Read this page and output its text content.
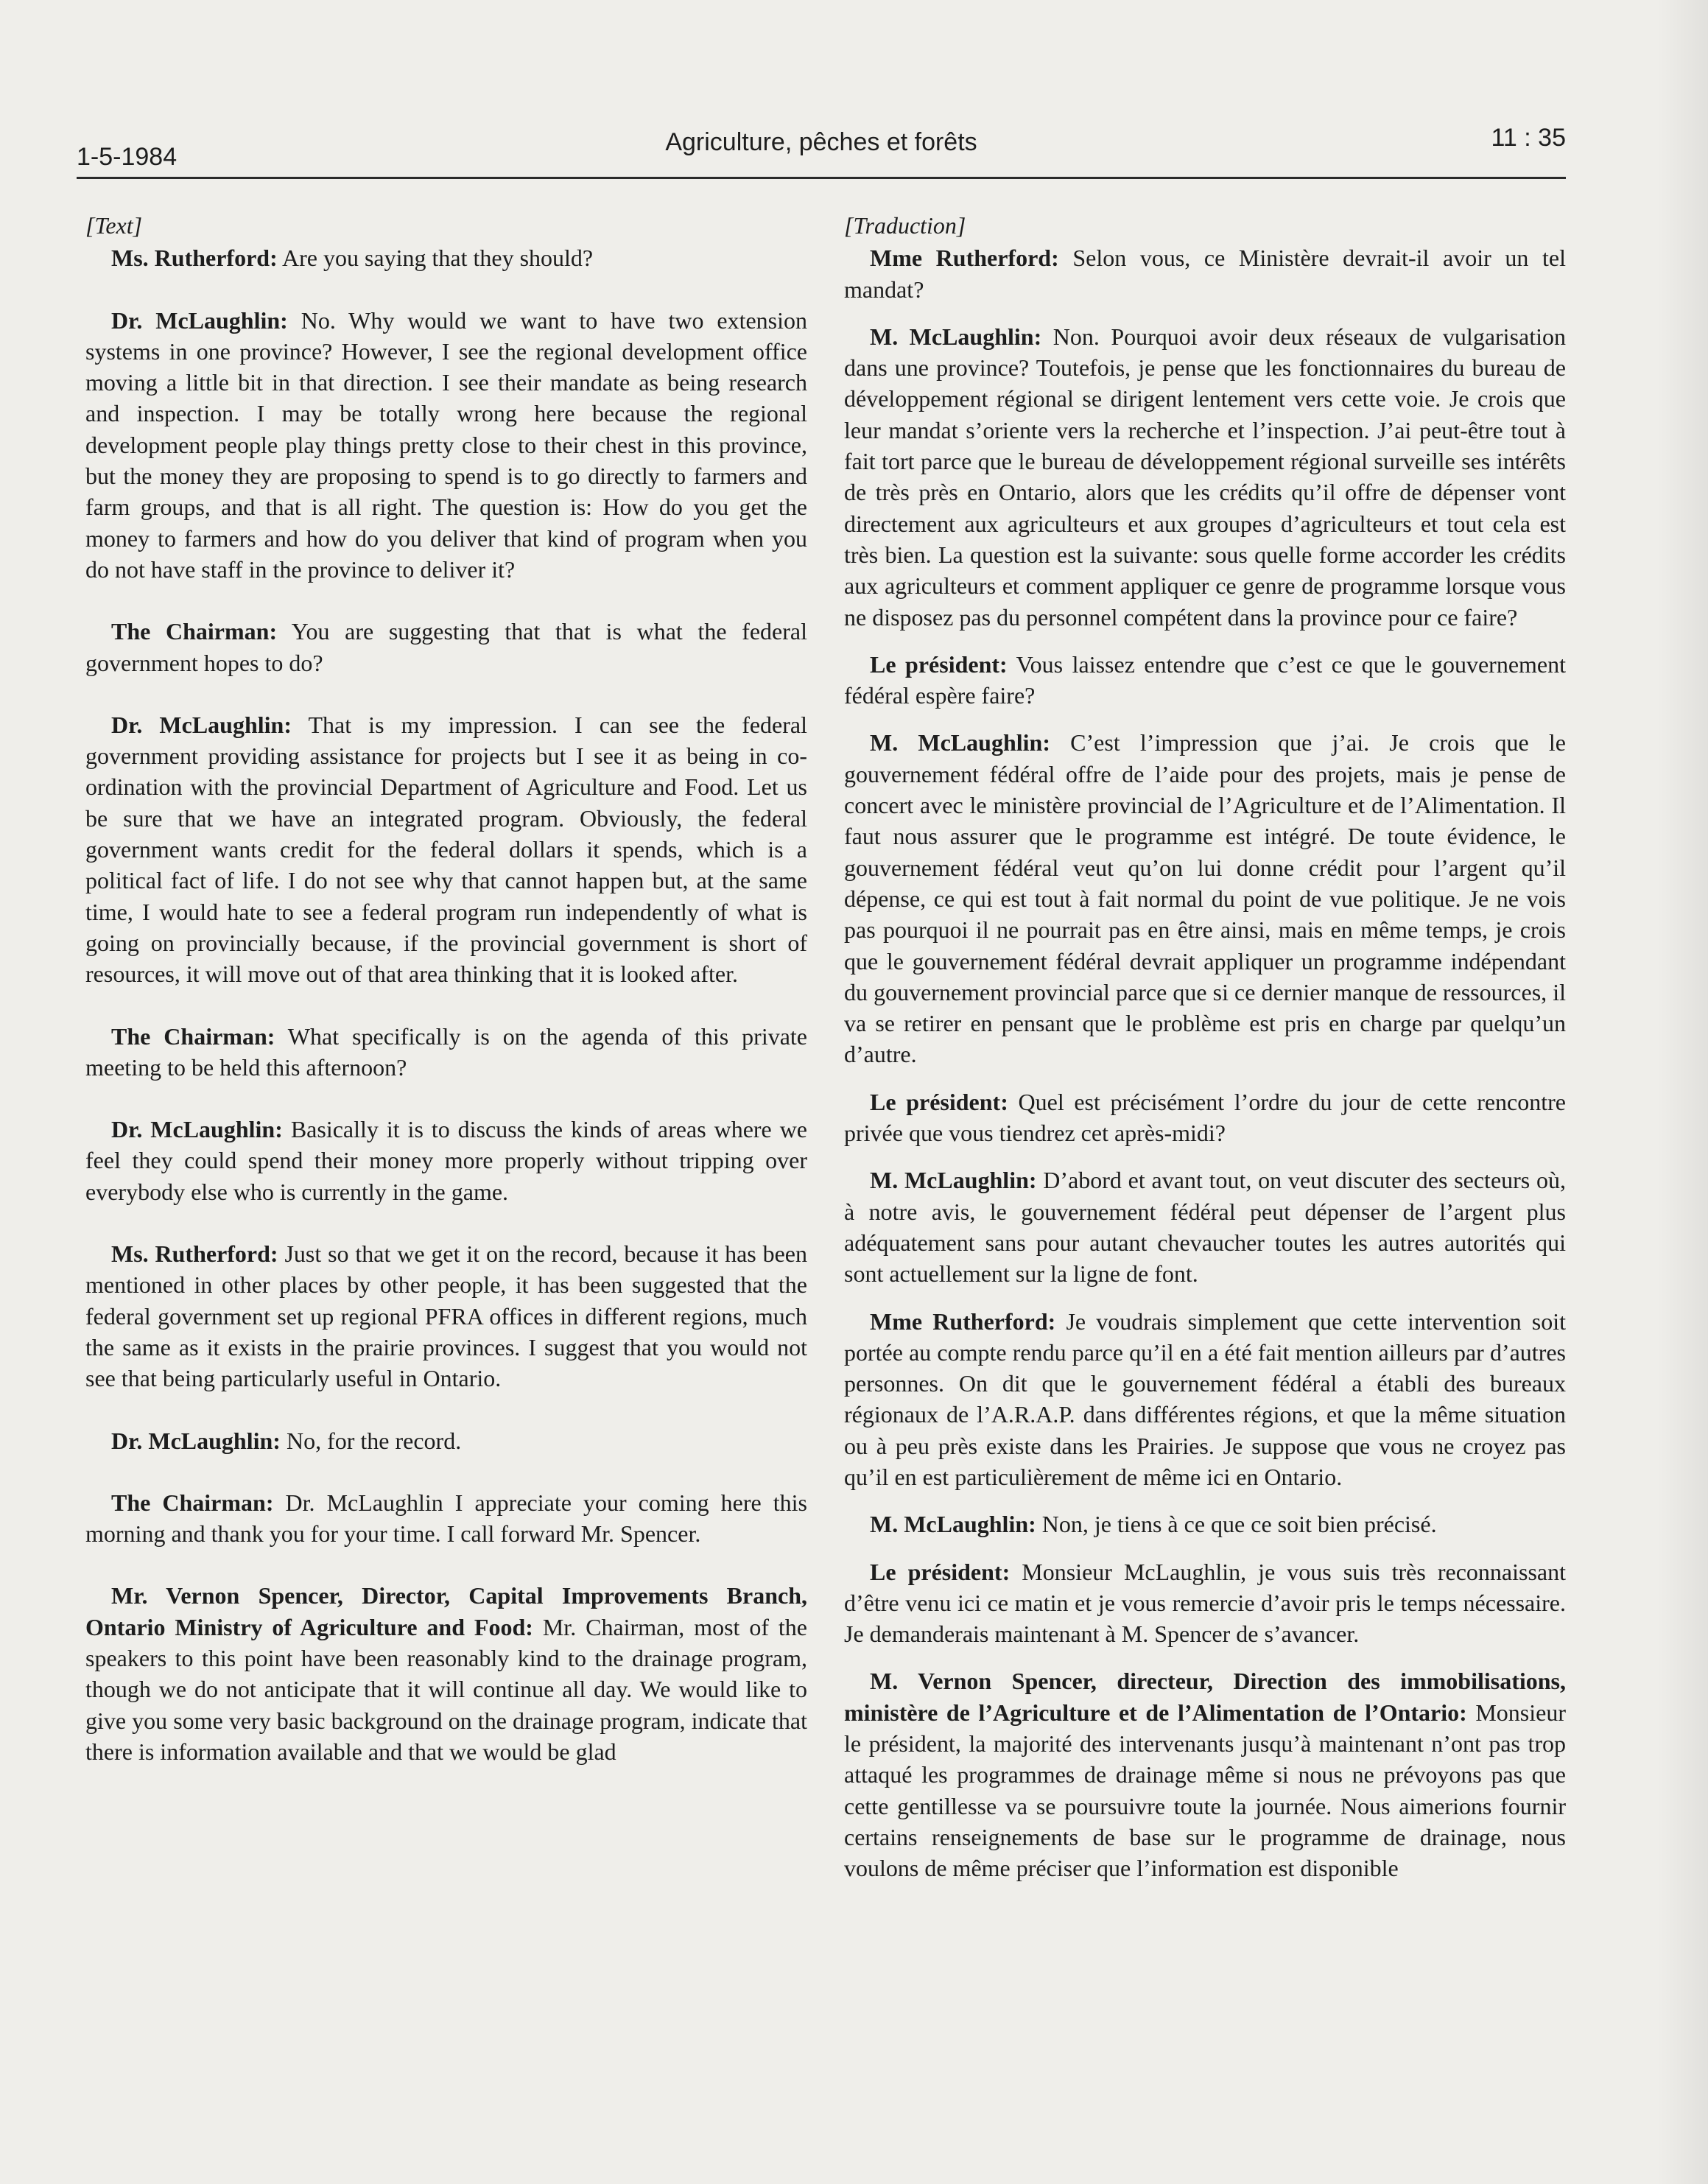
1-5-1984
Agriculture, pêches et forêts	11 : 35

[Text]

Ms. Rutherford: Are you saying that they should?

Dr. McLaughlin: No. Why would we want to have two extension systems in one province? However, I see the regional development office moving a little bit in that direction. I see their mandate as being research and inspection. I may be totally wrong here because the regional development people play things pretty close to their chest in this province, but the money they are proposing to spend is to go directly to farmers and farm groups, and that is all right. The question is: How do you get the money to farmers and how do you deliver that kind of program when you do not have staff in the province to deliver it?

The Chairman: You are suggesting that that is what the federal government hopes to do?

Dr. McLaughlin: That is my impression. I can see the federal government providing assistance for projects but I see it as being in co-ordination with the provincial Department of Agriculture and Food. Let us be sure that we have an integrated program. Obviously, the federal government wants credit for the federal dollars it spends, which is a political fact of life. I do not see why that cannot happen but, at the same time, I would hate to see a federal program run independently of what is going on provincially because, if the provincial government is short of resources, it will move out of that area thinking that it is looked after.

The Chairman: What specifically is on the agenda of this private meeting to be held this afternoon?

Dr. McLaughlin: Basically it is to discuss the kinds of areas where we feel they could spend their money more properly without tripping over everybody else who is currently in the game.

Ms. Rutherford: Just so that we get it on the record, because it has been mentioned in other places by other people, it has been suggested that the federal government set up regional PFRA offices in different regions, much the same as it exists in the prairie provinces. I suggest that you would not see that being particularly useful in Ontario.

Dr. McLaughlin: No, for the record.

The Chairman: Dr. McLaughlin I appreciate your coming here this morning and thank you for your time. I call forward Mr. Spencer.

Mr. Vernon Spencer, Director, Capital Improvements Branch, Ontario Ministry of Agriculture and Food: Mr. Chairman, most of the speakers to this point have been reasonably kind to the drainage program, though we do not anticipate that it will continue all day. We would like to give you some very basic background on the drainage program, indicate that there is information available and that we would be glad

[Traduction]

Mme Rutherford: Selon vous, ce Ministère devrait-il avoir un tel mandat?

M. McLaughlin: Non. Pourquoi avoir deux réseaux de vulgarisation dans une province? Toutefois, je pense que les fonctionnaires du bureau de développement régional se dirigent lentement vers cette voie. Je crois que leur mandat s’oriente vers la recherche et l’inspection. J’ai peut-être tout à fait tort parce que le bureau de développement régional surveille ses intérêts de très près en Ontario, alors que les crédits qu’il offre de dépenser vont directement aux agriculteurs et aux groupes d’agriculteurs et tout cela est très bien. La question est la suivante: sous quelle forme accorder les crédits aux agriculteurs et comment appliquer ce genre de programme lorsque vous ne disposez pas du personnel compétent dans la province pour ce faire?

Le président: Vous laissez entendre que c’est ce que le gouvernement fédéral espère faire?

M. McLaughlin: C’est l’impression que j’ai. Je crois que le gouvernement fédéral offre de l’aide pour des projets, mais je pense de concert avec le ministère provincial de l’Agriculture et de l’Alimentation. Il faut nous assurer que le programme est intégré. De toute évidence, le gouvernement fédéral veut qu’on lui donne crédit pour l’argent qu’il dépense, ce qui est tout à fait normal du point de vue politique. Je ne vois pas pourquoi il ne pourrait pas en être ainsi, mais en même temps, je crois que le gouvernement fédéral devrait appliquer un programme indépendant du gouvernement provincial parce que si ce dernier manque de ressources, il va se retirer en pensant que le problème est pris en charge par quelqu’un d’autre.

Le président: Quel est précisément l’ordre du jour de cette rencontre privée que vous tiendrez cet après-midi?

M. McLaughlin: D’abord et avant tout, on veut discuter des secteurs où, à notre avis, le gouvernement fédéral peut dépenser de l’argent plus adéquatement sans pour autant chevaucher toutes les autres autorités qui sont actuellement sur la ligne de font.

Mme Rutherford: Je voudrais simplement que cette intervention soit portée au compte rendu parce qu’il en a été fait mention ailleurs par d’autres personnes. On dit que le gouvernement fédéral a établi des bureaux régionaux de l’A.R.A.P. dans différentes régions, et que la même situation ou à peu près existe dans les Prairies. Je suppose que vous ne croyez pas qu’il en est particulièrement de même ici en Ontario.

M. McLaughlin: Non, je tiens à ce que ce soit bien précisé.

Le président: Monsieur McLaughlin, je vous suis très reconnaissant d’être venu ici ce matin et je vous remercie d’avoir pris le temps nécessaire. Je demanderais maintenant à M. Spencer de s’avancer.

M. Vernon Spencer, directeur, Direction des immobilisations, ministère de l’Agriculture et de l’Alimentation de l’Ontario: Monsieur le président, la majorité des intervenants jusqu’à maintenant n’ont pas trop attaqué les programmes de drainage même si nous ne prévoyons pas que cette gentillesse va se poursuivre toute la journée. Nous aimerions fournir certains renseignements de base sur le programme de drainage, nous voulons de même préciser que l’information est disponible
